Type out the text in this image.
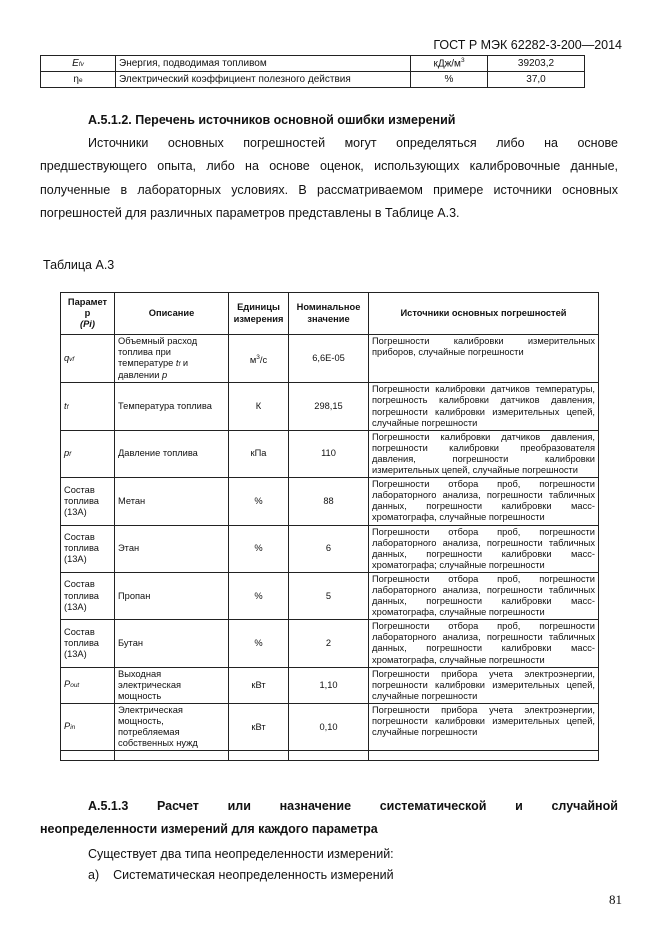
ГОСТ Р МЭК 62282-3-200—2014
Efv	Энергия, подводимая топливом	кДж/$м^3$	39203,2
ηe	Электрический коэффициент полезного действия	%	37,0
А.5.1.2. Перечень источников основной ошибки измерений
Источники основных погрешностей могут определяться либо на основе
предшествующего опыта, либо на основе оценок, использующих калибровочные данные, полученные в лабораторных условиях. В рассматриваемом примере источники основных погрешностей для различных параметров представлены в Таблице А.3.
Таблица А.3
Парамет р
(Pi)	Описание	Единицы измерения	Номинальное значение	Источники основных погрешностей
qvf	Объемный расход топлива при температуре tf и давлении p	$м^3/с$	6,6E-05	Погрешности калибровки измерительных приборов, случайные погрешности
tf	Температура топлива	К	298,15	Погрешности калибровки датчиков температуры, погрешность калибровки датчиков давления, погрешности калибровки измерительных цепей, случайные погрешности
pf	Давление топлива	кПа	110	Погрешности калибровки датчиков давления, погрешности калибровки преобразователя давления, погрешности калибровки измерительных цепей, случайные погрешности
Состав топлива (13А)	Метан	%	88	Погрешности отбора проб, погрешности лабораторного анализа, погрешности табличных данных, погрешности калибровки масс-хроматографа, случайные погрешности
Состав топлива (13А)	Этан	%	6	Погрешности отбора проб, погрешности лабораторного анализа, погрешности табличных данных, погрешности калибровки масс-хроматографа; случайные погрешности
Состав топлива (13А)	Пропан	%	5	Погрешности отбора проб, погрешности лабораторного анализа, погрешности табличных данных, погрешности калибровки масс-хроматографа, случайные погрешности
Состав топлива (13А)	Бутан	%	2	Погрешности отбора проб, погрешности лабораторного анализа, погрешности табличных данных, погрешности калибровки масс-хроматографа, случайные погрешности
Pout	Выходная электрическая мощность	кВт	1,10	Погрешности прибора учета электроэнергии, погрешности калибровки измерительных цепей, случайные погрешности
Pin	Электрическая мощность, потребляемая собственных нужд	кВт	0,10	Погрешности прибора учета электроэнергии, погрешности калибровки измерительных цепей, случайные погрешности

А.5.1.3 Расчет или назначение систематической и случайной
неопределенности измерений для каждого параметра
Существует два типа неопределенности измерений:
а) Систематическая неопределенность измерений
81
